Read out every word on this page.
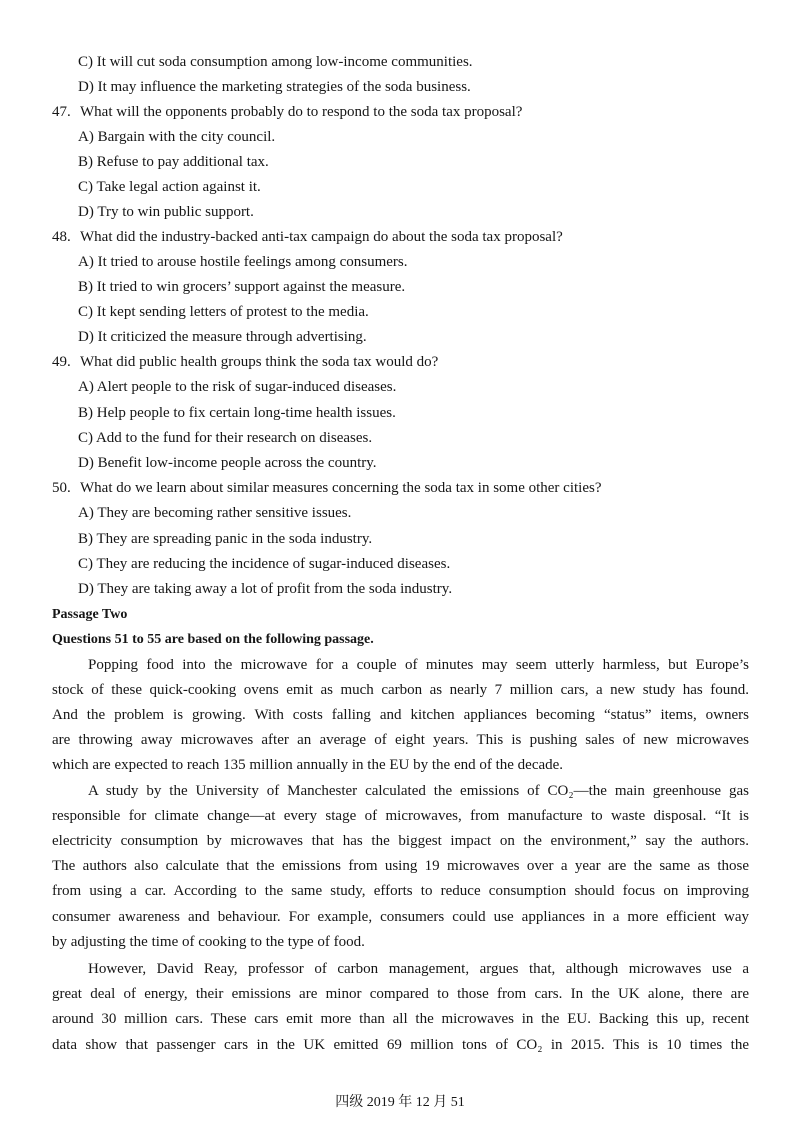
C) It will cut soda consumption among low-income communities.
D) It may influence the marketing strategies of the soda business.
47. What will the opponents probably do to respond to the soda tax proposal?
A) Bargain with the city council.
B) Refuse to pay additional tax.
C) Take legal action against it.
D) Try to win public support.
48. What did the industry-backed anti-tax campaign do about the soda tax proposal?
A) It tried to arouse hostile feelings among consumers.
B) It tried to win grocers’ support against the measure.
C) It kept sending letters of protest to the media.
D) It criticized the measure through advertising.
49. What did public health groups think the soda tax would do?
A) Alert people to the risk of sugar-induced diseases.
B) Help people to fix certain long-time health issues.
C) Add to the fund for their research on diseases.
D) Benefit low-income people across the country.
50. What do we learn about similar measures concerning the soda tax in some other cities?
A) They are becoming rather sensitive issues.
B) They are spreading panic in the soda industry.
C) They are reducing the incidence of sugar-induced diseases.
D) They are taking away a lot of profit from the soda industry.
Passage Two
Questions 51 to 55 are based on the following passage.
Popping food into the microwave for a couple of minutes may seem utterly harmless, but Europe’s
stock of these quick-cooking ovens emit as much carbon as nearly 7 million cars, a new study has found.
And the problem is growing. With costs falling and kitchen appliances becoming “status” items, owners
are throwing away microwaves after an average of eight years. This is pushing sales of new microwaves
which are expected to reach 135 million annually in the EU by the end of the decade.
A study by the University of Manchester calculated the emissions of CO₂—the main greenhouse gas
responsible for climate change—at every stage of microwaves, from manufacture to waste disposal. “It is
electricity consumption by microwaves that has the biggest impact on the environment,” say the authors.
The authors also calculate that the emissions from using 19 microwaves over a year are the same as those
from using a car. According to the same study, efforts to reduce consumption should focus on improving
consumer awareness and behaviour. For example, consumers could use appliances in a more efficient way
by adjusting the time of cooking to the type of food.
However, David Reay, professor of carbon management, argues that, although microwaves use a
great deal of energy, their emissions are minor compared to those from cars. In the UK alone, there are
around 30 million cars. These cars emit more than all the microwaves in the EU. Backing this up, recent
data show that passenger cars in the UK emitted 69 million tons of CO₂ in 2015. This is 10 times the
四级 2019 年 12 月 51
